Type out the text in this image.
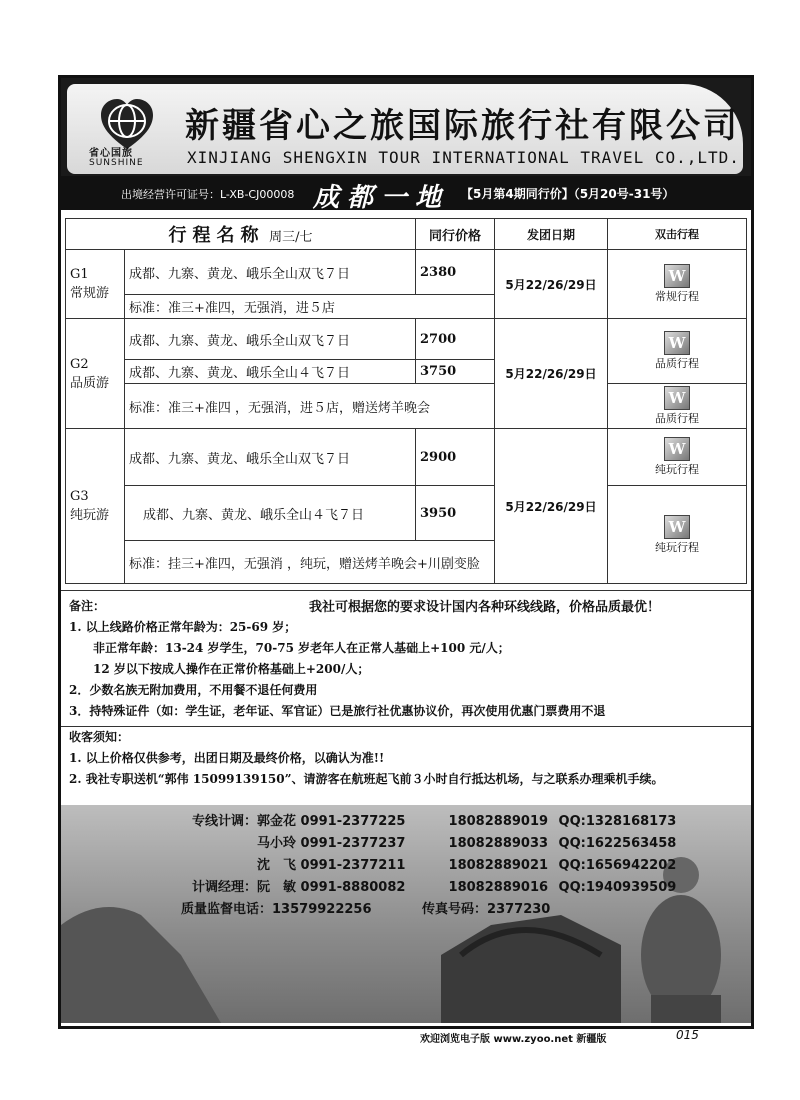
省心国旅
SUNSHINE
新疆省心之旅国际旅行社有限公司
XINJIANG SHENGXIN TOUR INTERNATIONAL TRAVEL CO.,LTD.
出境经营许可证号：L-XB-CJ00008 成都一地 【5月第4期同行价】（5月20号-31号）
行程名称 周三/七		同行价格	发团日期	双击行程
G1
常规游	成都、九寨、黄龙、峨乐全山双飞７日	2380	5月22/26/29日	W
常规行程
	标准：准三+准四，无强消，进５店			
G2
品质游	成都、九寨、黄龙、峨乐全山双飞７日	2700	5月22/26/29日	W
品质行程
	成都、九寨、黄龙、峨乐全山４飞７日	3750		
	标准：准三+准四 ，无强消，进５店，赠送烤羊晚会			W
品质行程
G3
纯玩游	成都、九寨、黄龙、峨乐全山双飞７日	2900	5月22/26/29日	W
纯玩行程
	成都、九寨、黄龙、峨乐全山４飞７日	3950		W
纯玩行程
	标准：挂三+准四，无强消 ，纯玩，赠送烤羊晚会+川剧变脸			

备注：

1. 以上线路价格正常年龄为：25-69 岁；

非正常年龄：13-24 岁学生，70-75 岁老年人在正常人基础上+100 元/人；

12 岁以下按成人操作在正常价格基础上+200/人；

2．少数名族无附加费用，不用餐不退任何费用

3．持特殊证件（如：学生证，老年证、军官证）已是旅行社优惠协议价，再次使用优惠门票费用不退

收客须知：

1. 以上价格仅供参考，出团日期及最终价格，以确认为准!!

2. 我社专职送机“郭伟 15099139150”、请游客在航班起飞前３小时自行抵达机场，与之联系办理乘机手续。

我社可根据您的要求设计国内各种环线线路，价格品质最优！
专线计调：郭金花 0991-2377225	18082889019 QQ:1328168173
马小玲 0991-2377237	18082889033 QQ:1622563458
沈　飞 0991-2377211	18082889021 QQ:1656942202
计调经理：阮　敏 0991-8880082	18082889016 QQ:1940939509
质量监督电话：13579922256	传真号码：2377230
欢迎浏览电子版 www.zyoo.net 新疆版	015
